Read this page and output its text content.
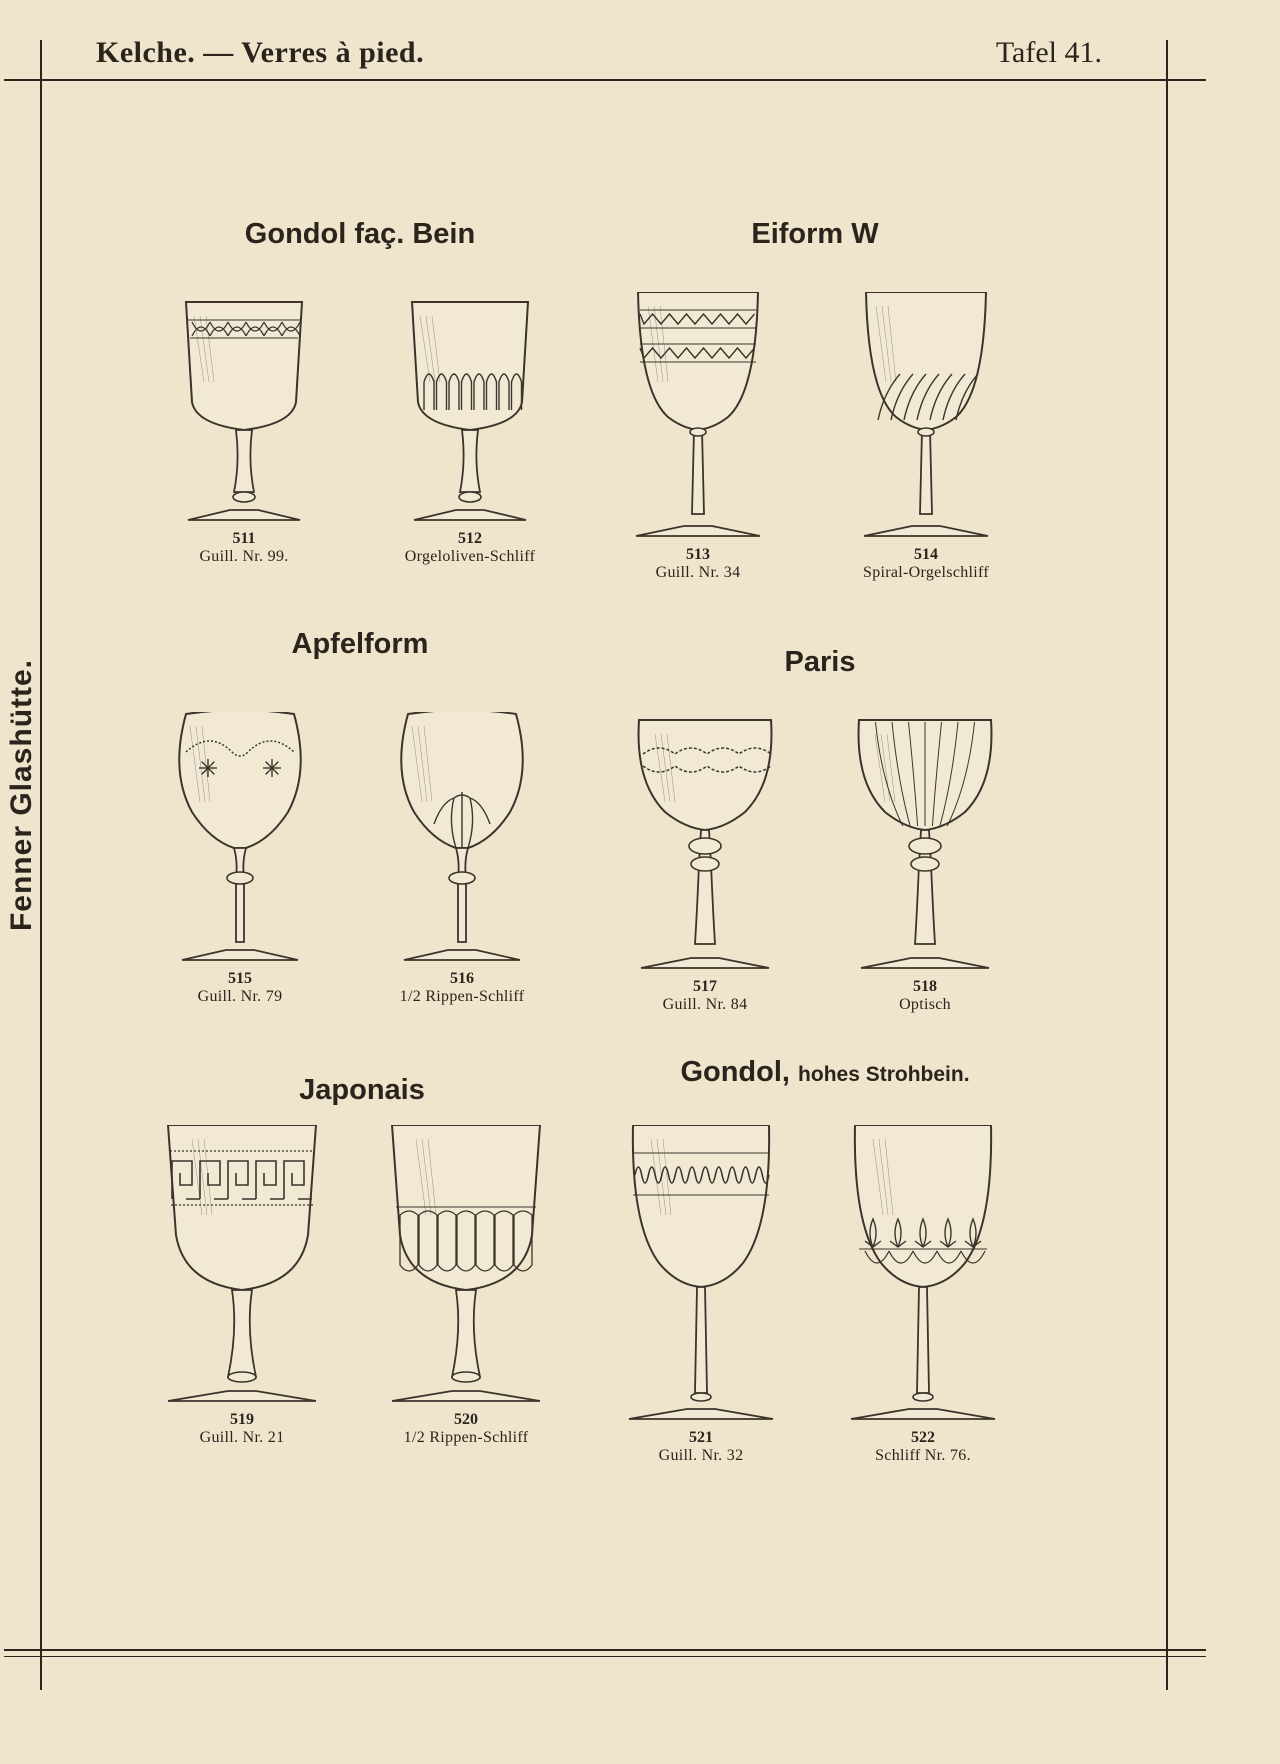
Kelche. — Verres à pied.	Tafel 41.
Fenner Glashütte.
Gondol faç. Bein	Eiform W
Apfelform
Paris
Japonais
Gondol, hohes Strohbein.
511
Guill. Nr. 99.
512
Orgeloliven-Schliff	513
Guill. Nr. 34
514
Spiral-Orgelschliff
515
Guill. Nr. 79
516
1/2 Rippen-Schliff
517
Guill. Nr. 84
518
Optisch
519
Guill. Nr. 21
520
1/2 Rippen-Schliff	521
Guill. Nr. 32
522
Schliff Nr. 76.
